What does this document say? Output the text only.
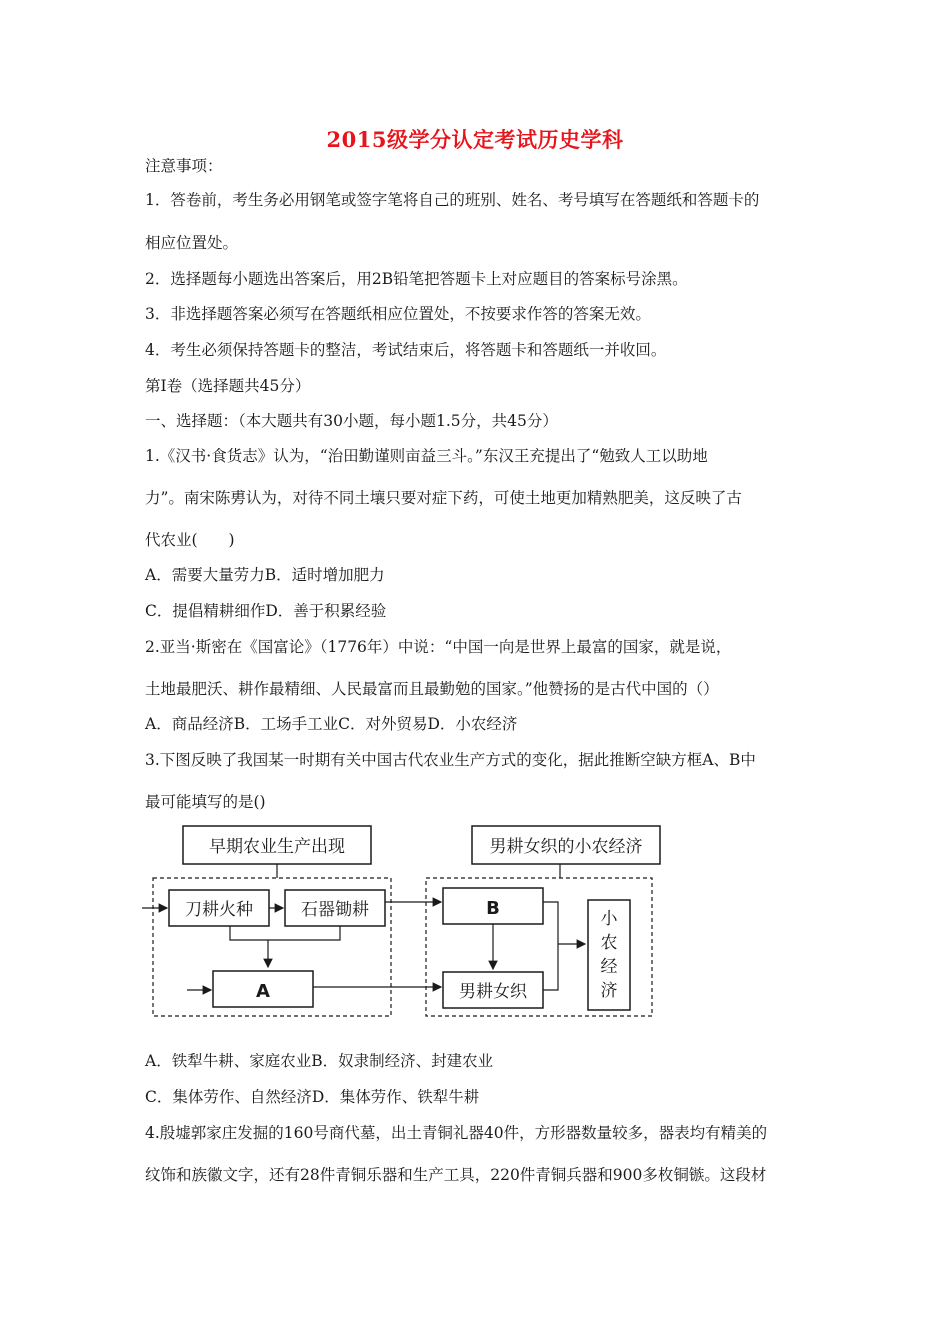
2015级学分认定考试历史学科
注意事项：
1．答卷前，考生务必用钢笔或签字笔将自己的班别、姓名、考号填写在答题纸和答题卡的
相应位置处。
2．选择题每小题选出答案后，用2B铅笔把答题卡上对应题目的答案标号涂黑。
3．非选择题答案必须写在答题纸相应位置处，不按要求作答的答案无效。
4．考生必须保持答题卡的整洁，考试结束后，将答题卡和答题纸一并收回。
第Ⅰ卷（选择题共45分）
一、选择题：（本大题共有30小题，每小题1.5分，共45分）
1.《汉书·食货志》认为，“治田勤谨则亩益三斗。”东汉王充提出了“勉致人工以助地
力”。南宋陈旉认为，对待不同土壤只要对症下药，可使土地更加精熟肥美，这反映了古
代农业(　　)
A．需要大量劳力B．适时增加肥力
C．提倡精耕细作D．善于积累经验
2.亚当·斯密在《国富论》（1776年）中说：“中国一向是世界上最富的国家，就是说，
土地最肥沃、耕作最精细、人民最富而且最勤勉的国家。”他赞扬的是古代中国的（）
A．商品经济B．工场手工业C．对外贸易D．小农经济
3.下图反映了我国某一时期有关中国古代农业生产方式的变化，据此推断空缺方框A、B中
最可能填写的是()
早期农业生产出现	男耕女织的小农经济
刀耕火种	石器锄耕
A
B
男耕女织
小
农
经
济
A．铁犁牛耕、家庭农业B．奴隶制经济、封建农业
C．集体劳作、自然经济D．集体劳作、铁犁牛耕
4.殷墟郭家庄发掘的160号商代墓，出土青铜礼器40件，方形器数量较多，器表均有精美的
纹饰和族徽文字，还有28件青铜乐器和生产工具，220件青铜兵器和900多枚铜镞。这段材
